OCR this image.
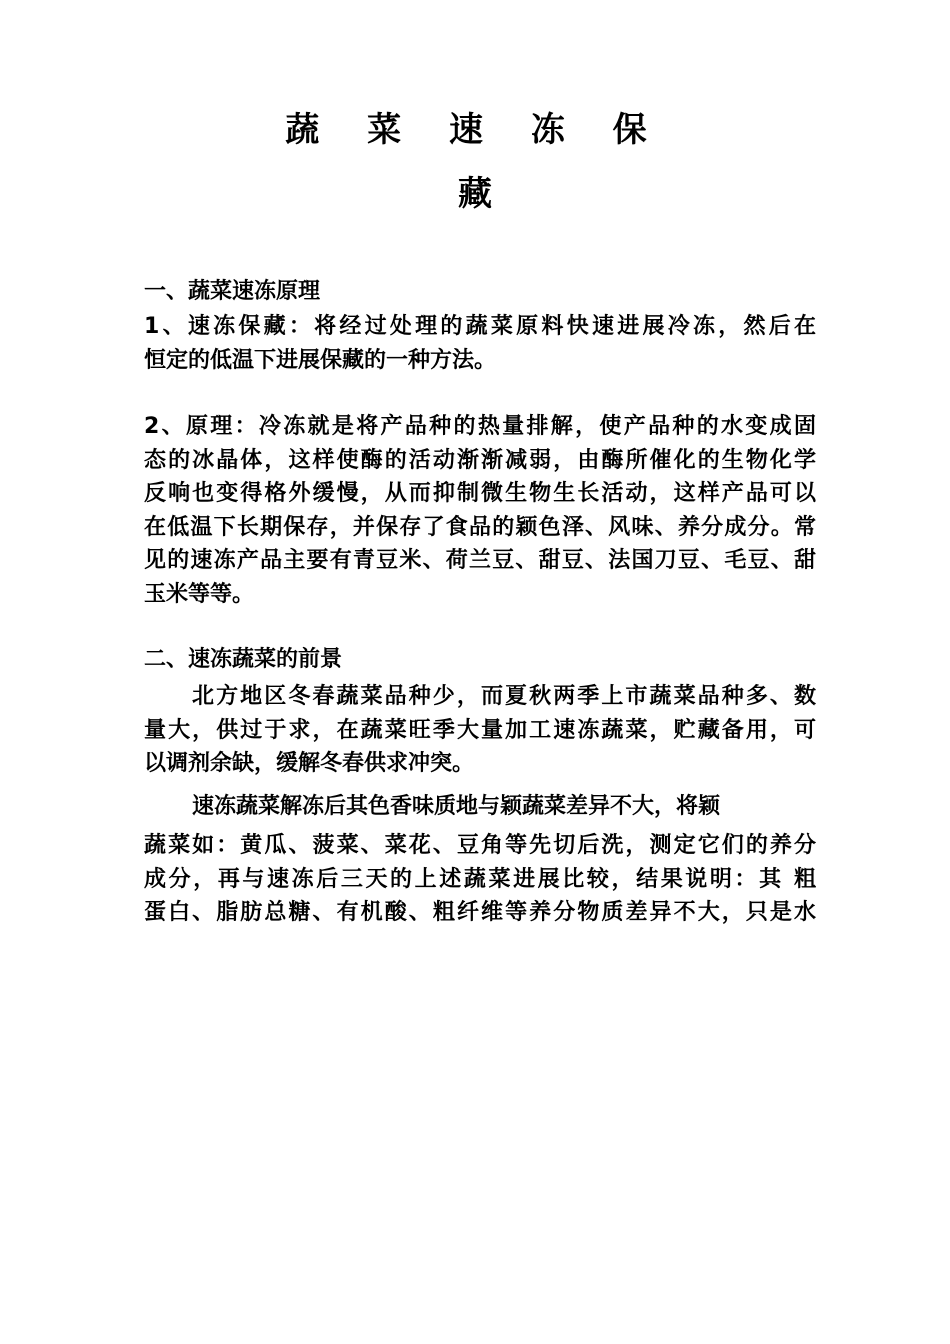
蔬 菜 速 冻 保
藏
一、蔬菜速冻原理
1、速冻保藏：将经过处理的蔬菜原料快速进展冷冻，然后在
恒定的低温下进展保藏的一种方法。
2、原理：冷冻就是将产品种的热量排解，使产品种的水变成固
态的冰晶体，这样使酶的活动渐渐减弱，由酶所催化的生物化学
反响也变得格外缓慢，从而抑制微生物生长活动，这样产品可以
在低温下长期保存，并保存了食品的颖色泽、风味、养分成分。常
见的速冻产品主要有青豆米、荷兰豆、甜豆、法国刀豆、毛豆、甜
玉米等等。
二、速冻蔬菜的前景
北方地区冬春蔬菜品种少，而夏秋两季上市蔬菜品种多、数
量大，供过于求，在蔬菜旺季大量加工速冻蔬菜，贮藏备用，可
以调剂余缺，缓解冬春供求冲突。
速冻蔬菜解冻后其色香味质地与颖蔬菜差异不大，将颖
蔬菜如：黄瓜、菠菜、菜花、豆角等先切后洗，测定它们的养分
成分，再与速冻后三天的上述蔬菜进展比较，结果说明：其 粗
蛋白、脂肪总糖、有机酸、粗纤维等养分物质差异不大，只是水
